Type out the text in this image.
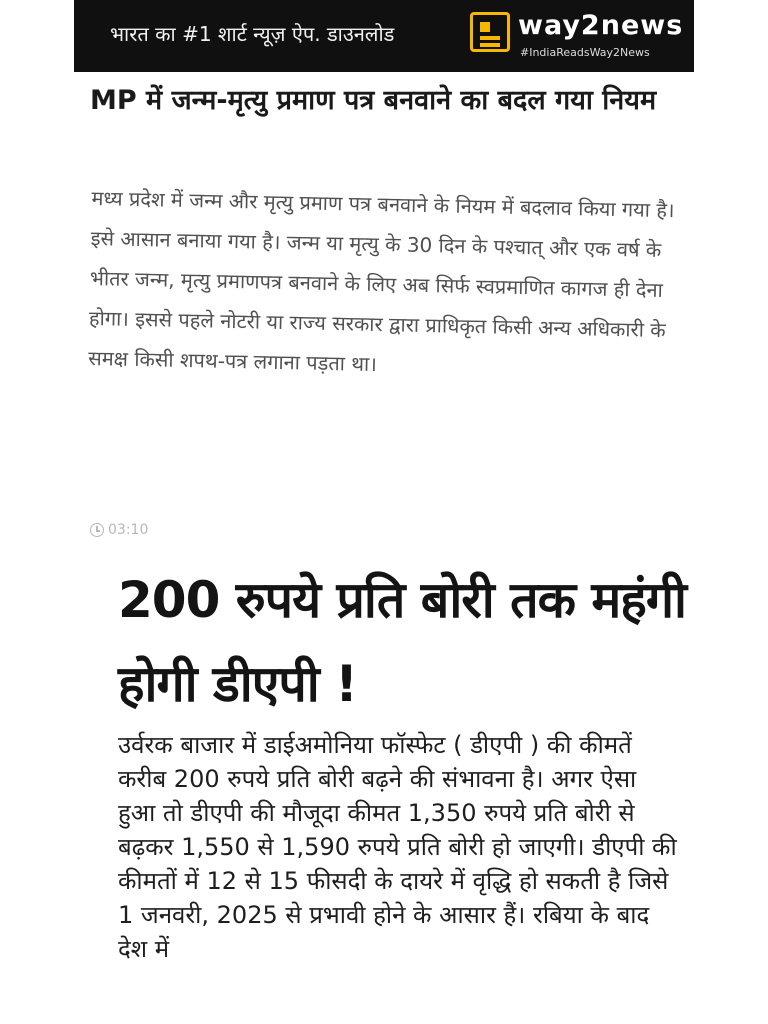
भारत का #1 शार्ट न्यूज़ ऐप. डाउनलोड	way2news
#IndiaReadsWay2News
MP में जन्म-मृत्यु प्रमाण पत्र बनवाने का बदल गया नियम

मध्य प्रदेश में जन्म और मृत्यु प्रमाण पत्र बनवाने के नियम में बदलाव किया गया है। इसे आसान बनाया गया है। जन्म या मृत्यु के 30 दिन के पश्चात् और एक वर्ष के भीतर जन्म, मृत्यु प्रमाणपत्र बनवाने के लिए अब सिर्फ स्वप्रमाणित कागज ही देना होगा। इससे पहले नोटरी या राज्य सरकार द्वारा प्राधिकृत किसी अन्य अधिकारी के समक्ष किसी शपथ-पत्र लगाना पड़ता था।

03:10
200 रुपये प्रति बोरी तक महंगी होगी डीएपी !

उर्वरक बाजार में डाईअमोनिया फॉस्फेट ( डीएपी ) की कीमतें करीब 200 रुपये प्रति बोरी बढ़ने की संभावना है। अगर ऐसा हुआ तो डीएपी की मौजूदा कीमत 1,350 रुपये प्रति बोरी से बढ़कर 1,550 से 1,590 रुपये प्रति बोरी हो जाएगी। डीएपी की कीमतों में 12 से 15 फीसदी के दायरे में वृद्धि हो सकती है जिसे 1 जनवरी, 2025 से प्रभावी होने के आसार हैं। रबिया के बाद देश में
